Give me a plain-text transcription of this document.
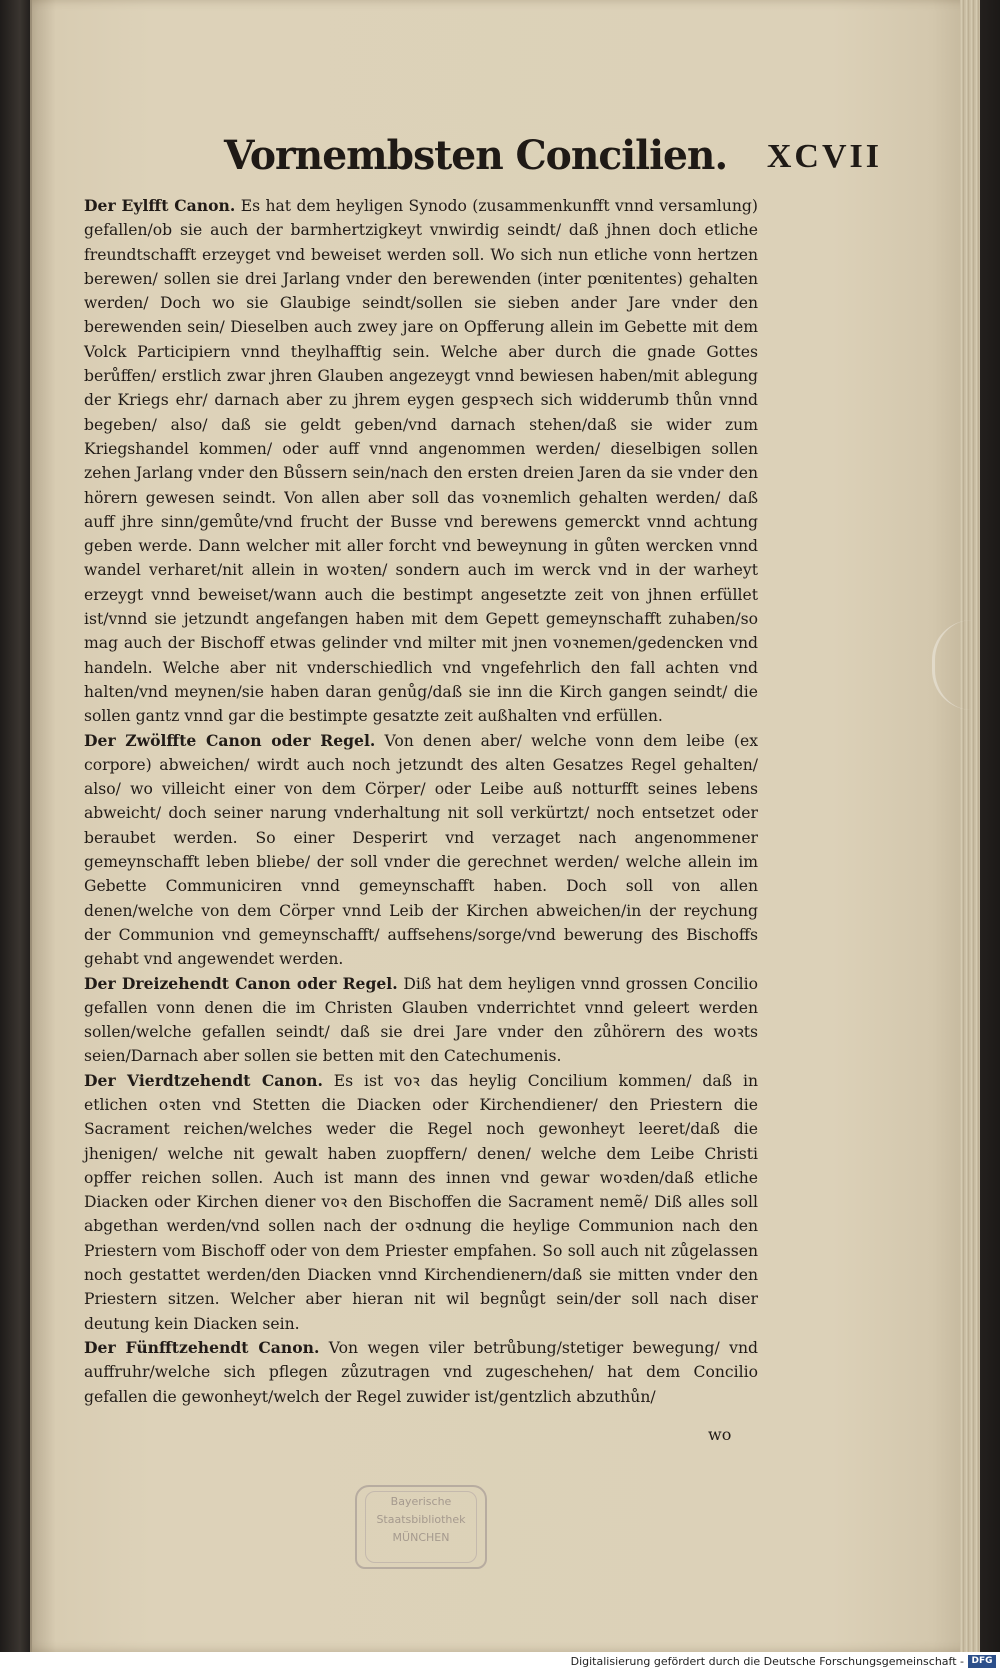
Vornembsten Concilien. XCVII

Der Eylfft Canon. Es hat dem heyligen Synodo (zusammenkunfft vnnd versamlung) gefallen/ob sie auch der barmhertzigkeyt vnwirdig seindt/ daß jhnen doch etliche freundtschafft erzeyget vnd beweiset werden soll. Wo sich nun etliche vonn hertzen berewen/ sollen sie drei Jarlang vnder den berewenden (inter pœnitentes) gehalten werden/ Doch wo sie Glaubige seindt/sollen sie sieben ander Jare vnder den berewenden sein/ Dieselben auch zwey jare on Opfferung allein im Gebette mit dem Volck Participiern vnnd theylhafftig sein. Welche aber durch die gnade Gottes berůffen/ erstlich zwar jhren Glauben angezeygt vnnd bewiesen haben/mit ablegung der Kriegs ehr/ darnach aber zu jhrem eygen gespꝛech sich widderumb thůn vnnd begeben/ also/ daß sie geldt geben/vnd darnach stehen/daß sie wider zum Kriegshandel kommen/ oder auff vnnd angenommen werden/ dieselbigen sollen zehen Jarlang vnder den Bůssern sein/nach den ersten dreien Jaren da sie vnder den hörern gewesen seindt. Von allen aber soll das voꝛnemlich gehalten werden/ daß auff jhre sinn/gemůte/vnd frucht der Busse vnd berewens gemerckt vnnd achtung geben werde. Dann welcher mit aller forcht vnd beweynung in gůten wercken vnnd wandel verharet/nit allein in woꝛten/ sondern auch im werck vnd in der warheyt erzeygt vnnd beweiset/wann auch die bestimpt angesetzte zeit von jhnen erfüllet ist/vnnd sie jetzundt angefangen haben mit dem Gepett gemeynschafft zuhaben/so mag auch der Bischoff etwas gelinder vnd milter mit jnen voꝛnemen/gedencken vnd handeln. Welche aber nit vnderschiedlich vnd vngefehrlich den fall achten vnd halten/vnd meynen/sie haben daran genůg/daß sie inn die Kirch gangen seindt/ die sollen gantz vnnd gar die bestimpte gesatzte zeit außhalten vnd erfüllen.

Der Zwölffte Canon oder Regel. Von denen aber/ welche vonn dem leibe (ex corpore) abweichen/ wirdt auch noch jetzundt des alten Gesatzes Regel gehalten/ also/ wo villeicht einer von dem Cörper/ oder Leibe auß notturfft seines lebens abweicht/ doch seiner narung vnderhaltung nit soll verkürtzt/ noch entsetzet oder beraubet werden. So einer Desperirt vnd verzaget nach angenommener gemeynschafft leben bliebe/ der soll vnder die gerechnet werden/ welche allein im Gebette Communiciren vnnd gemeynschafft haben. Doch soll von allen denen/welche von dem Cörper vnnd Leib der Kirchen abweichen/in der reychung der Communion vnd gemeynschafft/ auffsehens/sorge/vnd bewerung des Bischoffs gehabt vnd angewendet werden.

Der Dreizehendt Canon oder Regel. Diß hat dem heyligen vnnd grossen Concilio gefallen vonn denen die im Christen Glauben vnderrichtet vnnd geleert werden sollen/welche gefallen seindt/ daß sie drei Jare vnder den zůhörern des woꝛts seien/Darnach aber sollen sie betten mit den Catechumenis.

Der Vierdtzehendt Canon. Es ist voꝛ das heylig Concilium kommen/ daß in etlichen oꝛten vnd Stetten die Diacken oder Kirchendiener/ den Priestern die Sacrament reichen/welches weder die Regel noch gewonheyt leeret/daß die jhenigen/ welche nit gewalt haben zuopffern/ denen/ welche dem Leibe Christi opffer reichen sollen. Auch ist mann des innen vnd gewar woꝛden/daß etliche Diacken oder Kirchen diener voꝛ den Bischoffen die Sacrament nemẽ/ Diß alles soll abgethan werden/vnd sollen nach der oꝛdnung die heylige Communion nach den Priestern vom Bischoff oder von dem Priester empfahen. So soll auch nit zůgelassen noch gestattet werden/den Diacken vnnd Kirchendienern/daß sie mitten vnder den Priestern sitzen. Welcher aber hieran nit wil begnůgt sein/der soll nach diser deutung kein Diacken sein.

Der Fünfftzehendt Canon. Von wegen viler betrůbung/stetiger bewegung/ vnd auffruhr/welche sich pflegen zůzutragen vnd zugeschehen/ hat dem Concilio gefallen die gewonheyt/welch der Regel zuwider ist/gentzlich abzuthůn/

wo
Bayerische
Staatsbibliothek
MÜNCHEN
Digitalisierung gefördert durch die Deutsche Forschungsgemeinschaft - DFG
